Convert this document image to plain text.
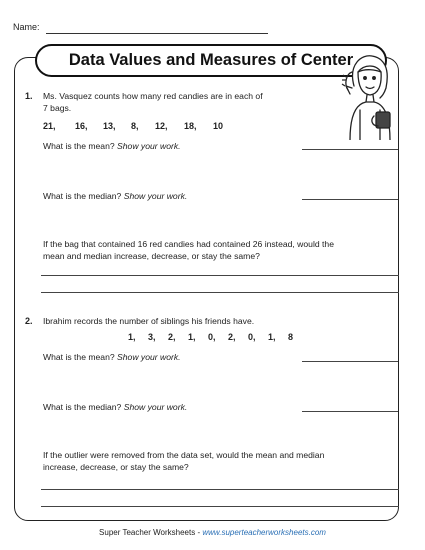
Name:
Data Values and Measures of Center
1. Ms. Vasquez counts how many red candies are in each of
7 bags.
21,	16,	13,	8,	12,	18,	10
What is the mean? Show your work.
What is the median? Show your work.
If the bag that contained 16 red candies had contained 26 instead, would the
mean and median increase, decrease, or stay the same?
2. Ibrahim records the number of siblings his friends have.
1,	3,	2,	1,	0,	2,	0,	1,	8
What is the mean? Show your work.
What is the median? Show your work.
If the outlier were removed from the data set, would the mean and median
increase, decrease, or stay the same?
Super Teacher Worksheets - www.superteacherworksheets.com
